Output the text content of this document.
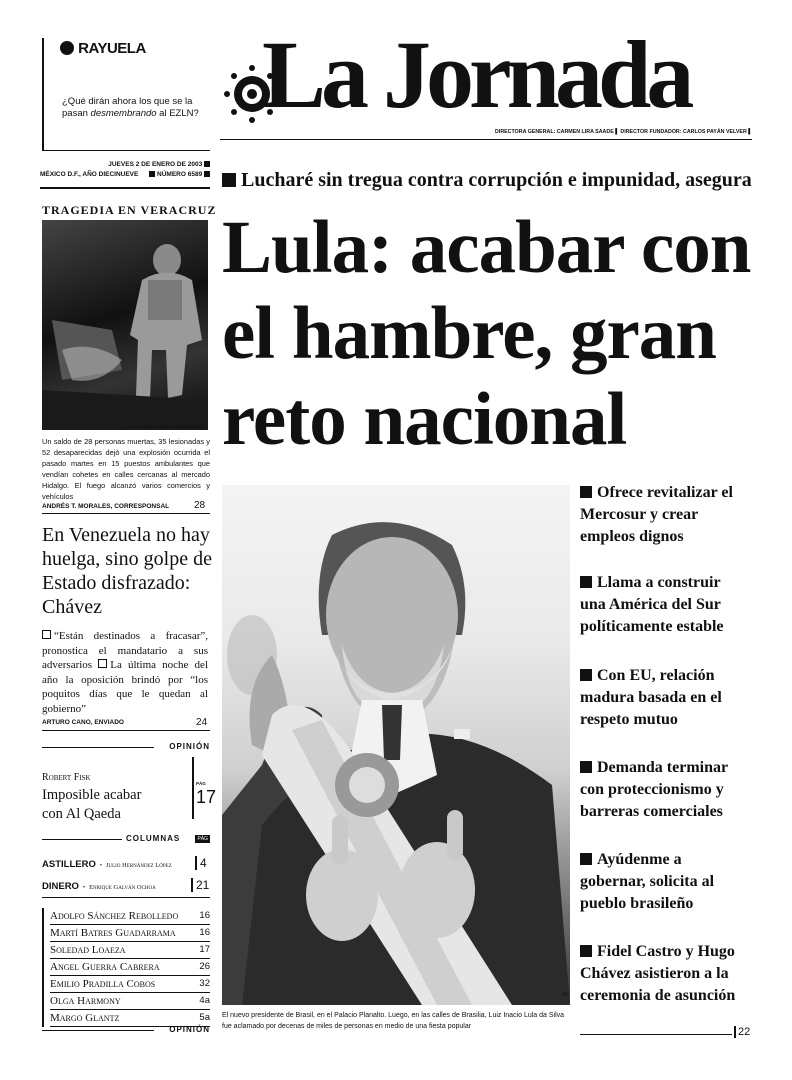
RAYUELA
¿Qué dirán ahora los que se la
pasan desmembrando al EZLN? La Jornada
DIRECTORA GENERAL: CARMEN LIRA SAADE ▌ DIRECTOR FUNDADOR: CARLOS PAYÁN VELVER ▌
JUEVES 2 DE ENERO DE 2003
MÉXICO D.F., AÑO DIECINUEVE	NÚMERO 6589	Lucharé sin tregua contra corrupción e impunidad, asegura
Lula: acabar con
el hambre, gran
reto nacional
TRAGEDIA EN VERACRUZ
FOTO: CUAUHTÉMOC HERNÁNDEZ
Un saldo de 28 personas muertas, 35 lesionadas y 52 desaparecidas dejó una explosión ocurrida el pasado martes en 15 puestos ambulantes que vendían cohetes en calles cercanas al mercado Hidalgo. El fuego alcanzó varios comercios y vehículos
ANDRÉS T. MORALES, CORRESPONSAL 28
En Venezuela no hay huelga, sino golpe de Estado disfrazado: Chávez
“Están destinados a fracasar”, pronostica el mandatario a sus adversarios La última noche del año la oposición brindó por “los poquitos días que le quedan al gobierno”
ARTURO CANO, ENVIADO	24
OPINIÓN
Robert Fisk
Imposible acabar
con Al Qaeda
PÁG
17
COLUMNAS	PÁG
ASTILLERO • Julio Hernández López	4
DINERO • Enrique Galván Ochoa	21
Adolfo Sánchez Rebolledo 16
Martí Batres Guadarrama	16
Soledad Loaeza	17
Angel Guerra Cabrera	26
Emilio Pradilla Cobos	32
Olga Harmony	4a
Margo Glantz	5a
OPINIÓN
AP
El nuevo presidente de Brasil, en el Palacio Planalto. Luego, en las calles de Brasilia, Luiz Inacio Lula da Silva fue aclamado por decenas de miles de personas en medio de una fiesta popular
Ofrece revitalizar el Mercosur y crear empleos dignos
Llama a construir una América del Sur políticamente estable
Con EU, relación madura basada en el respeto mutuo
Demanda terminar con proteccionismo y barreras comerciales
Ayúdenme a gobernar, solicita al pueblo brasileño
Fidel Castro y Hugo Chávez asistieron a la ceremonia de asunción
22
